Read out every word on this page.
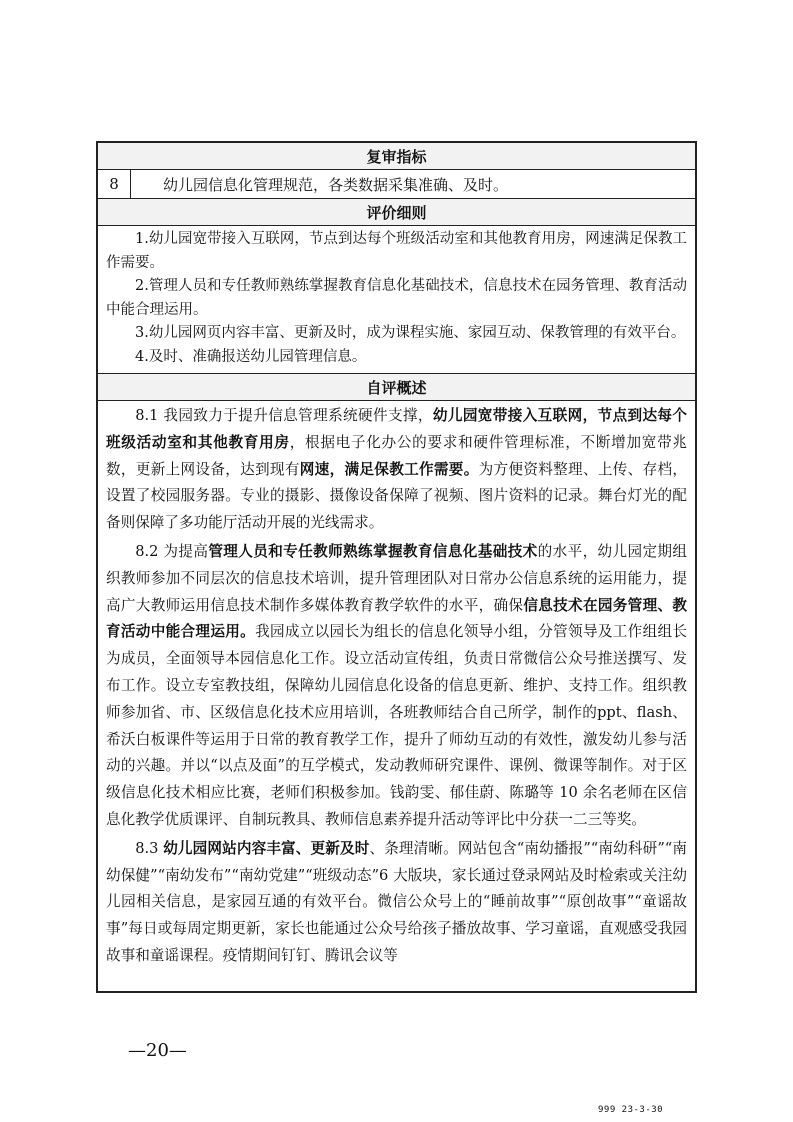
复审指标
8	幼儿园信息化管理规范，各类数据采集准确、及时。
评价细则

1.幼儿园宽带接入互联网，节点到达每个班级活动室和其他教育用房，网速满足保教工作需要。

2.管理人员和专任教师熟练掌握教育信息化基础技术，信息技术在园务管理、教育活动中能合理运用。

3.幼儿园网页内容丰富、更新及时，成为课程实施、家园互动、保教管理的有效平台。

4.及时、准确报送幼儿园管理信息。

自评概述

8.1 我园致力于提升信息管理系统硬件支撑，幼儿园宽带接入互联网，节点到达每个班级活动室和其他教育用房，根据电子化办公的要求和硬件管理标准，不断增加宽带兆数，更新上网设备，达到现有网速，满足保教工作需要。为方便资料整理、上传、存档，设置了校园服务器。专业的摄影、摄像设备保障了视频、图片资料的记录。舞台灯光的配备则保障了多功能厅活动开展的光线需求。

8.2 为提高管理人员和专任教师熟练掌握教育信息化基础技术的水平，幼儿园定期组织教师参加不同层次的信息技术培训，提升管理团队对日常办公信息系统的运用能力，提高广大教师运用信息技术制作多媒体教育教学软件的水平，确保信息技术在园务管理、教育活动中能合理运用。我园成立以园长为组长的信息化领导小组，分管领导及工作组组长为成员，全面领导本园信息化工作。设立活动宣传组，负责日常微信公众号推送撰写、发布工作。设立专室教技组，保障幼儿园信息化设备的信息更新、维护、支持工作。组织教师参加省、市、区级信息化技术应用培训，各班教师结合自己所学，制作的ppt、flash、希沃白板课件等运用于日常的教育教学工作，提升了师幼互动的有效性，激发幼儿参与活动的兴趣。并以“以点及面”的互学模式，发动教师研究课件、课例、微课等制作。对于区级信息化技术相应比赛，老师们积极参加。钱韵雯、郁佳蔚、陈璐等 10 余名老师在区信息化教学优质课评、自制玩教具、教师信息素养提升活动等评比中分获一二三等奖。

8.3 幼儿园网站内容丰富、更新及时、条理清晰。网站包含“南幼播报”“南幼科研”“南幼保健”“南幼发布”“南幼党建”“班级动态”6 大版块，家长通过登录网站及时检索或关注幼儿园相关信息，是家园互通的有效平台。微信公众号上的“睡前故事”“原创故事”“童谣故事”每日或每周定期更新，家长也能通过公众号给孩子播放故事、学习童谣，直观感受我园故事和童谣课程。疫情期间钉钉、腾讯会议等

—20—
999 23-3-30
